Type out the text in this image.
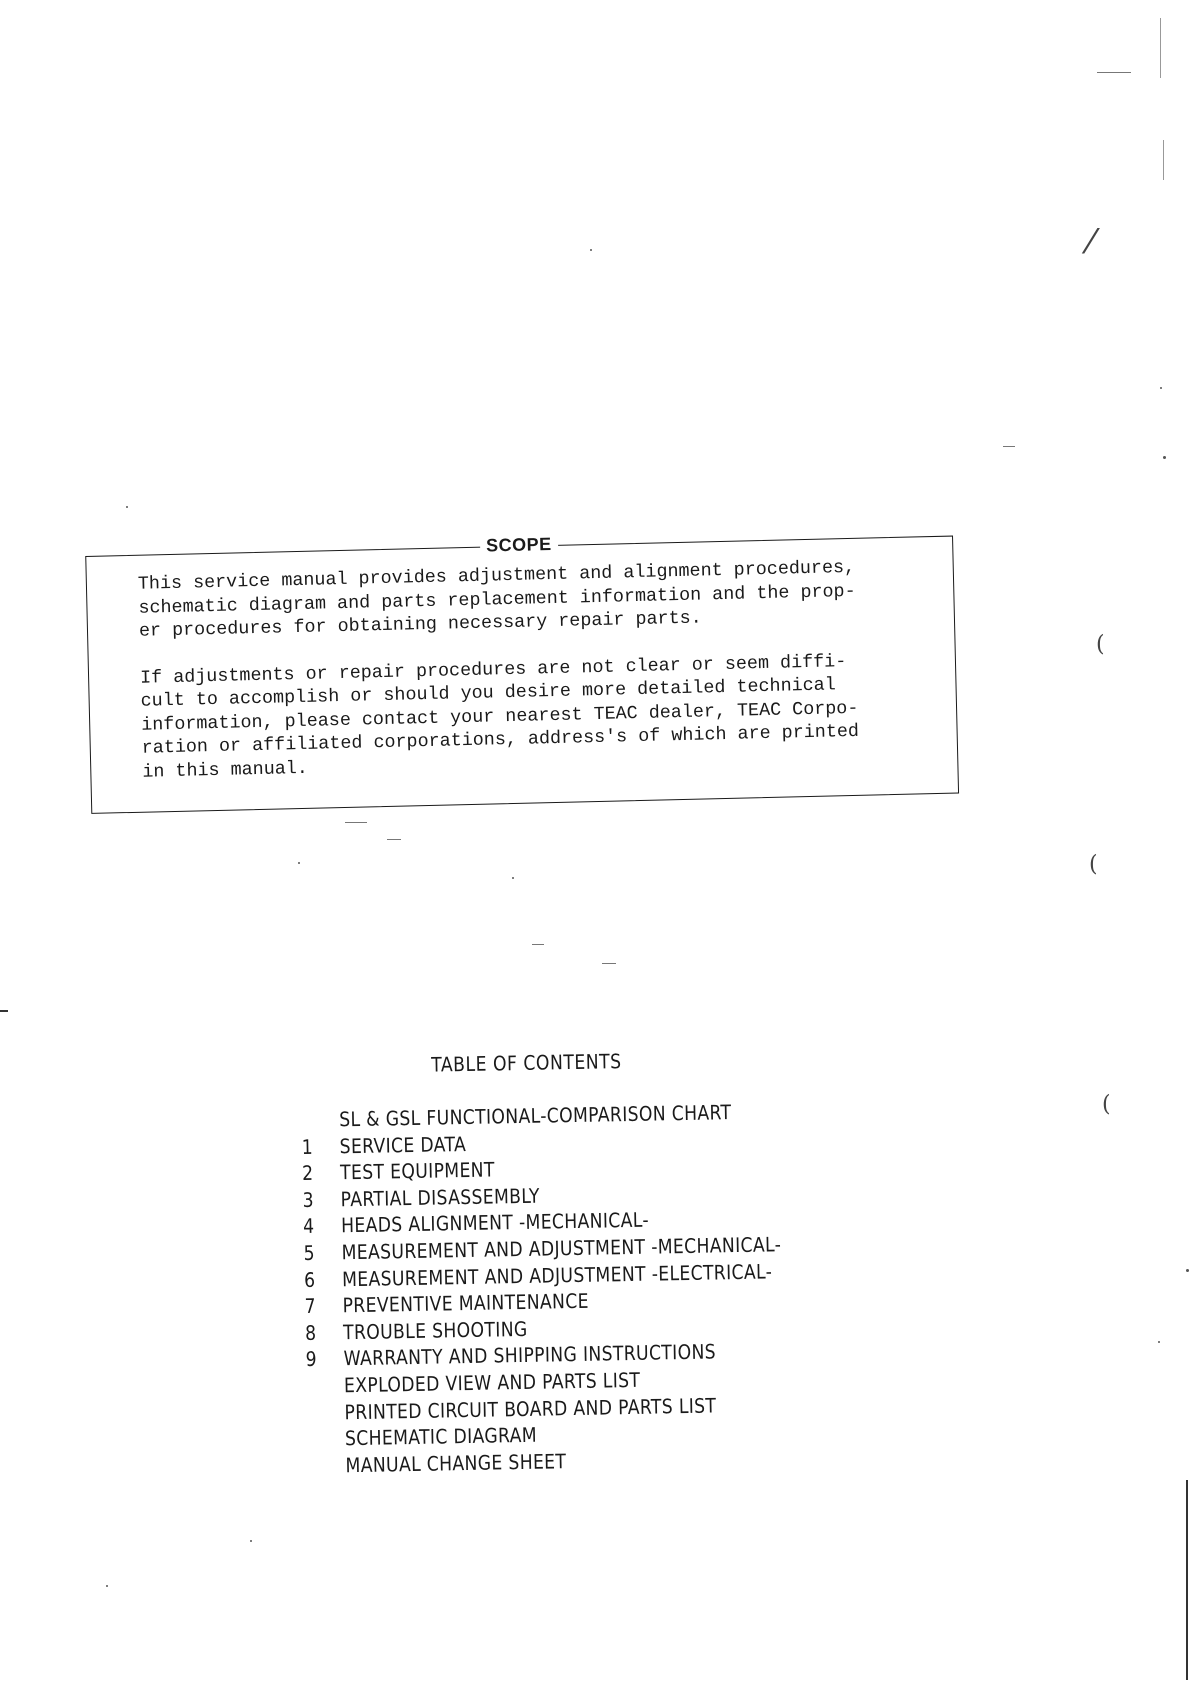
SCOPE

This service manual provides adjustment and alignment procedures,
schematic diagram and parts replacement information and the prop-
er procedures for obtaining necessary repair parts.

If adjustments or repair procedures are not clear or seem diffi-
cult to accomplish or should you desire more detailed technical
information, please contact your nearest TEAC dealer, TEAC Corpo-
ration or affiliated corporations, address's of which are printed
in this manual.

TABLE OF CONTENTS
SL & GSL FUNCTIONAL-COMPARISON CHART
1 SERVICE DATA
2 TEST EQUIPMENT
3 PARTIAL DISASSEMBLY
4 HEADS ALIGNMENT -MECHANICAL-
5 MEASUREMENT AND ADJUSTMENT -MECHANICAL-
6 MEASUREMENT AND ADJUSTMENT -ELECTRICAL-
7 PREVENTIVE MAINTENANCE
8 TROUBLE SHOOTING
9 WARRANTY AND SHIPPING INSTRUCTIONS
EXPLODED VIEW AND PARTS LIST
PRINTED CIRCUIT BOARD AND PARTS LIST
SCHEMATIC DIAGRAM
MANUAL CHANGE SHEET
⁄
(
(
(
